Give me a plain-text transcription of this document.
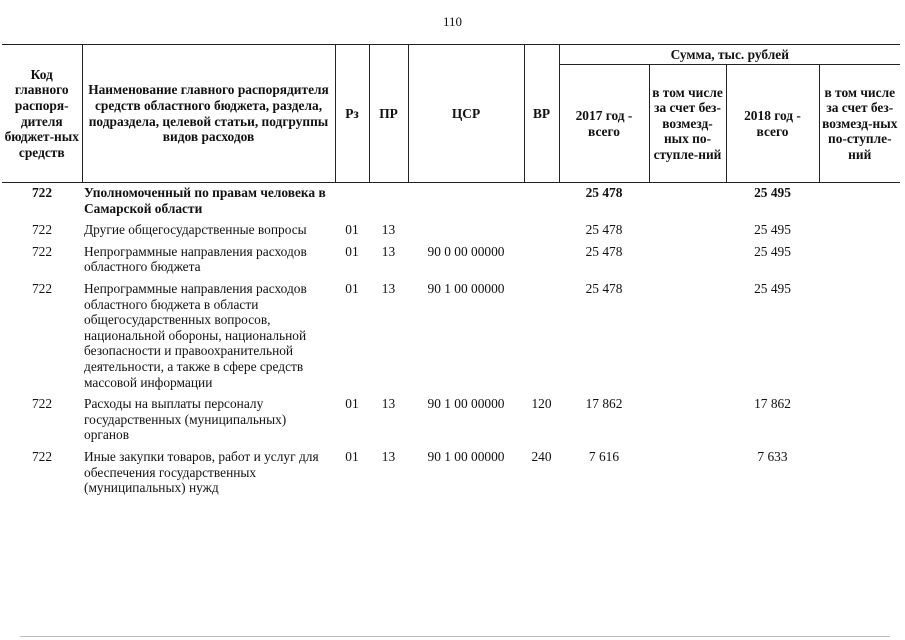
110
Код главного распоря-дителя бюджет-ных средств	Наименование главного распорядителя средств областного бюджета, раздела, подраздела, целевой статьи, подгруппы видов расходов	Рз	ПР	ЦСР	ВР	Сумма, тыс. рублей			
						2017 год - всего	в том числе за счет без-возмезд-ных по-ступле-ний	2018 год - всего	в том числе за счет без-возмезд-ных по-ступле-ний
722	Уполномоченный по правам человека в Самарской области					25 478		25 495	
722	Другие общегосударственные вопросы	01	13			25 478		25 495	
722	Непрограммные направления расходов областного бюджета	01	13	90 0 00 00000		25 478		25 495	
722	Непрограммные направления расходов областного бюджета в области общегосударственных вопросов, национальной обороны, национальной безопасности и правоохранительной деятельности, а также в сфере средств массовой информации	01	13	90 1 00 00000		25 478		25 495	
722	Расходы на выплаты персоналу государственных (муниципальных) органов	01	13	90 1 00 00000	120	17 862		17 862	
722	Иные закупки товаров, работ и услуг для обеспечения государственных (муниципальных) нужд	01	13	90 1 00 00000	240	7 616		7 633	
